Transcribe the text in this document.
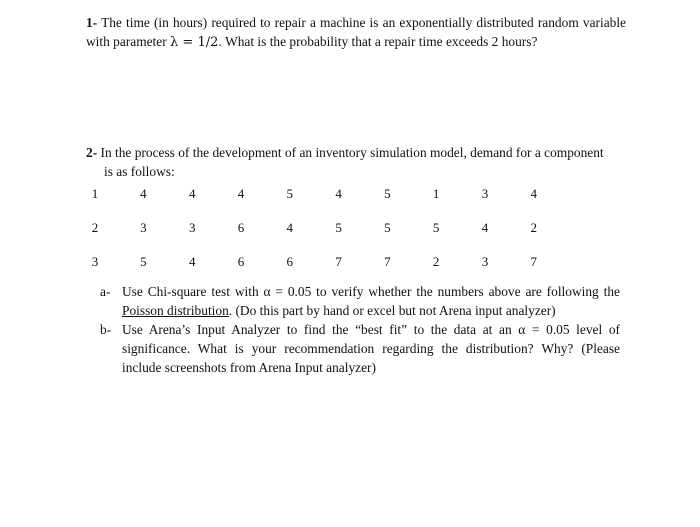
1- The time (in hours) required to repair a machine is an exponentially distributed random variable with parameter λ = 1/2. What is the probability that a repair time exceeds 2 hours?
2- In the process of the development of an inventory simulation model, demand for a component
is as follows:
1	4	4	4	5	4	5	1	3	4
2	3	3	6	4	5	5	5	4	2
3	5	4	6	6	7	7	2	3	7
a- Use Chi-square test with α = 0.05 to verify whether the numbers above are following the Poisson distribution. (Do this part by hand or excel but not Arena input analyzer)
b- Use Arena’s Input Analyzer to find the “best fit” to the data at an α = 0.05 level of significance. What is your recommendation regarding the distribution? Why? (Please include screenshots from Arena Input analyzer)
